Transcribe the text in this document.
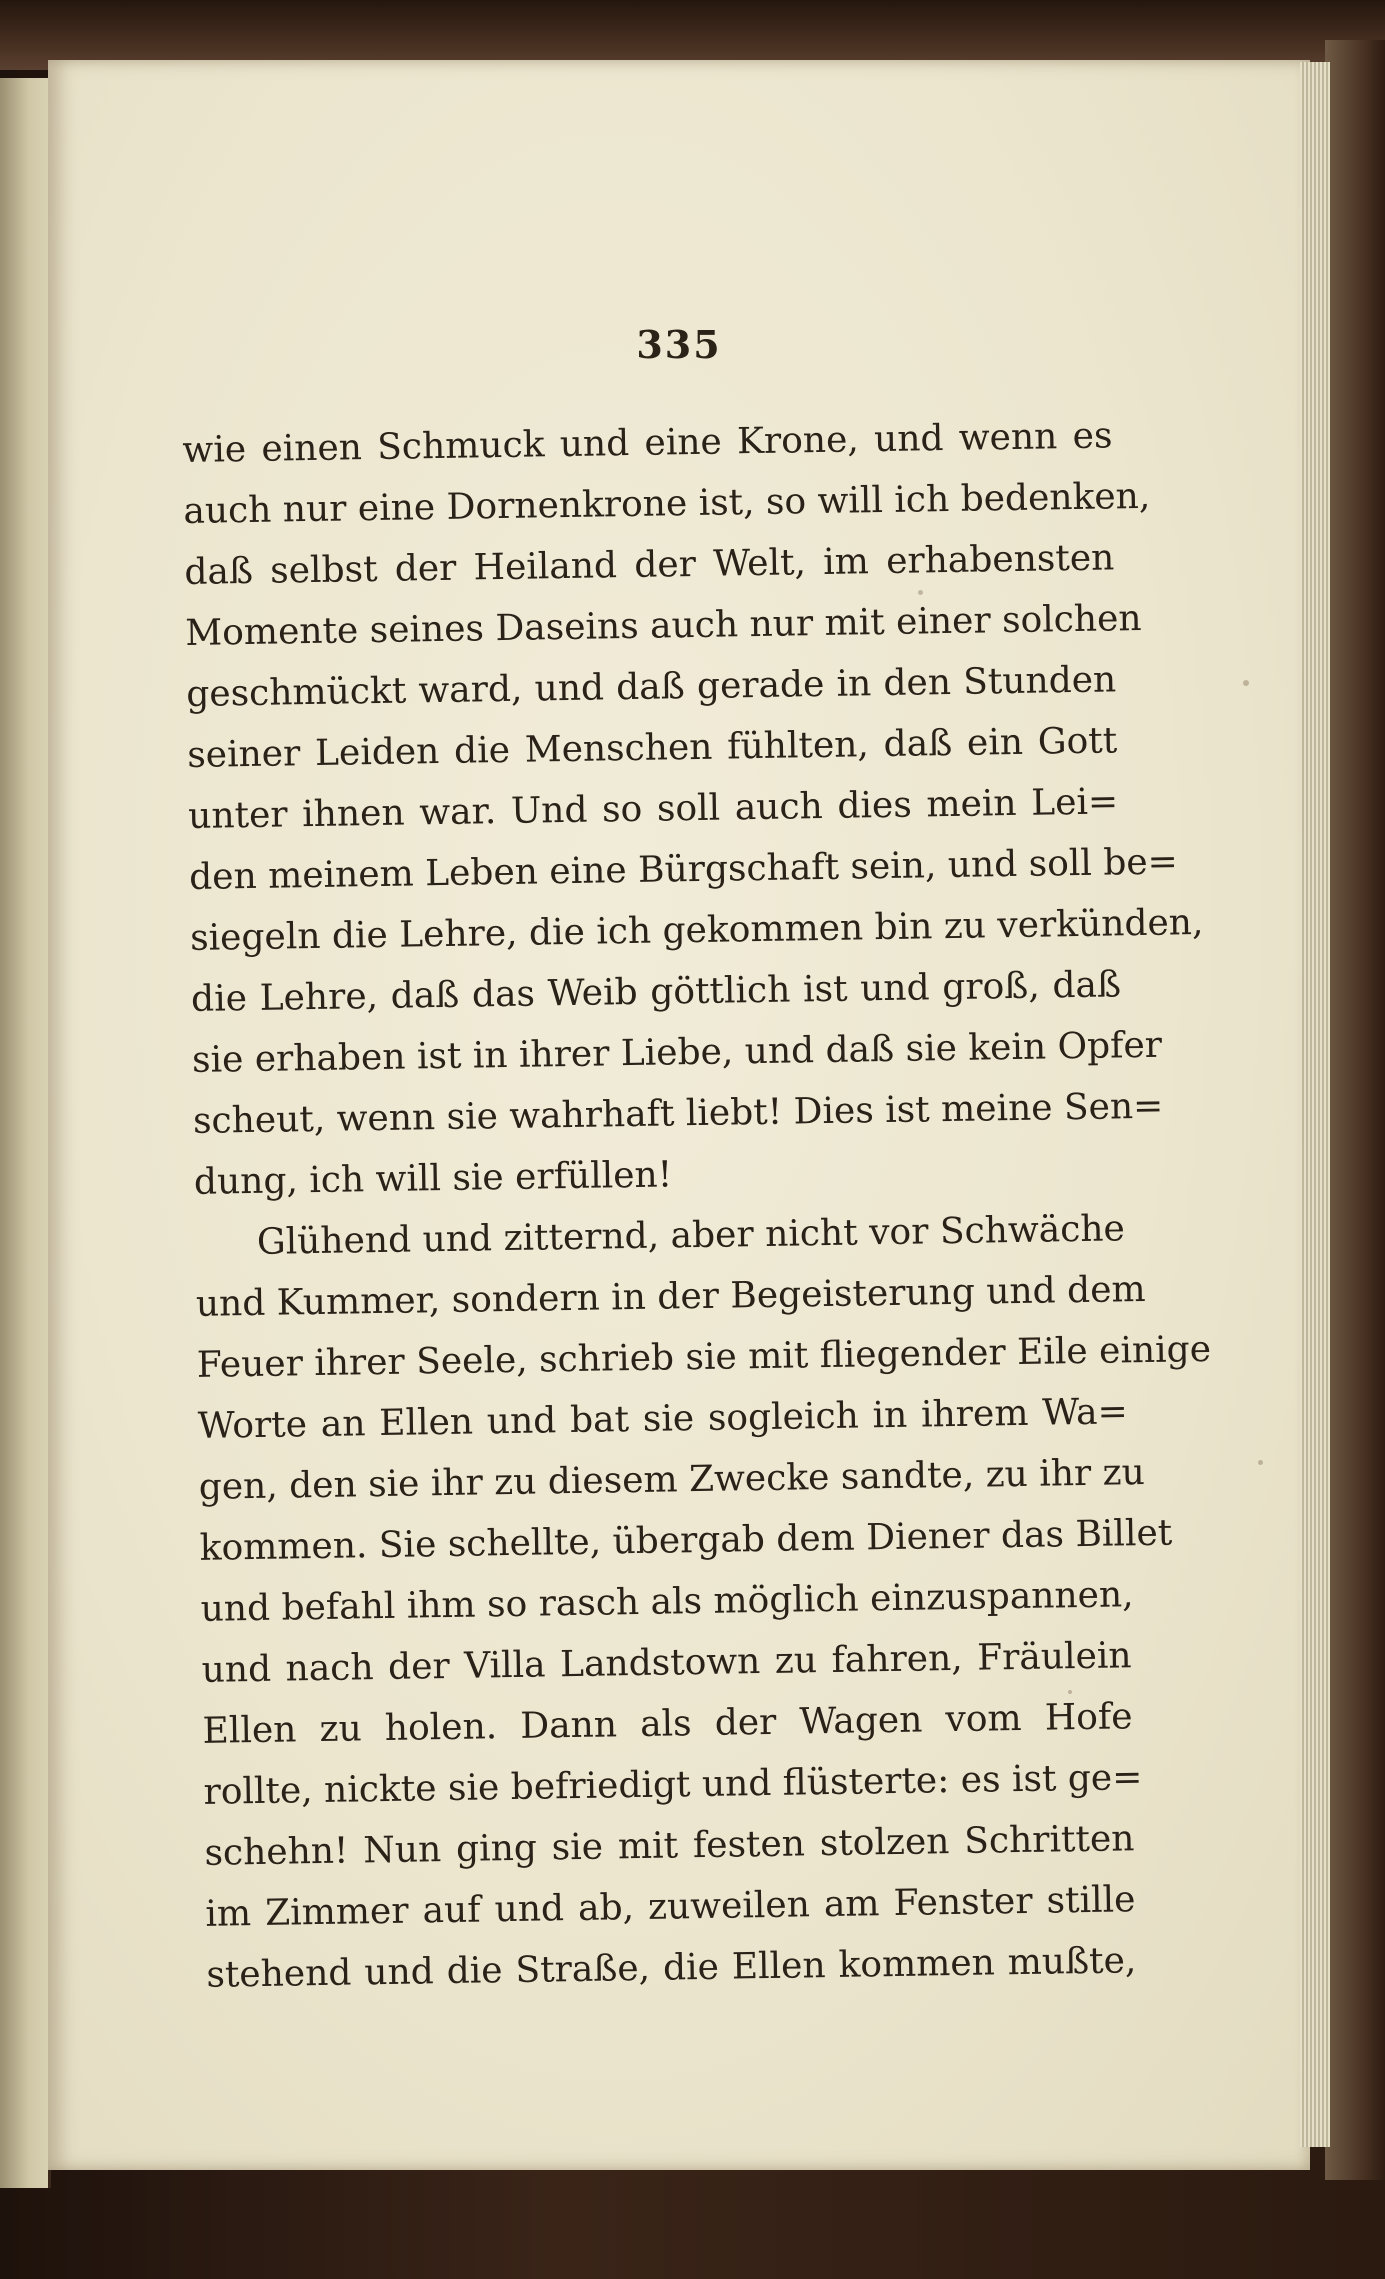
335
wie einen Schmuck und eine Krone, und wenn es
auch nur eine Dornenkrone ist, so will ich bedenken,
daß selbst der Heiland der Welt, im erhabensten
Momente seines Daseins auch nur mit einer solchen
geschmückt ward, und daß gerade in den Stunden
seiner Leiden die Menschen fühlten, daß ein Gott
unter ihnen war. Und so soll auch dies mein Lei=
den meinem Leben eine Bürgschaft sein, und soll be=
siegeln die Lehre, die ich gekommen bin zu verkünden,
die Lehre, daß das Weib göttlich ist und groß, daß
sie erhaben ist in ihrer Liebe, und daß sie kein Opfer
scheut, wenn sie wahrhaft liebt! Dies ist meine Sen=
dung, ich will sie erfüllen!
Glühend und zitternd, aber nicht vor Schwäche
und Kummer, sondern in der Begeisterung und dem
Feuer ihrer Seele, schrieb sie mit fliegender Eile einige
Worte an Ellen und bat sie sogleich in ihrem Wa=
gen, den sie ihr zu diesem Zwecke sandte, zu ihr zu
kommen. Sie schellte, übergab dem Diener das Billet
und befahl ihm so rasch als möglich einzuspannen,
und nach der Villa Landstown zu fahren, Fräulein
Ellen zu holen. Dann als der Wagen vom Hofe
rollte, nickte sie befriedigt und flüsterte: es ist ge=
schehn! Nun ging sie mit festen stolzen Schritten
im Zimmer auf und ab, zuweilen am Fenster stille
stehend und die Straße, die Ellen kommen mußte,
